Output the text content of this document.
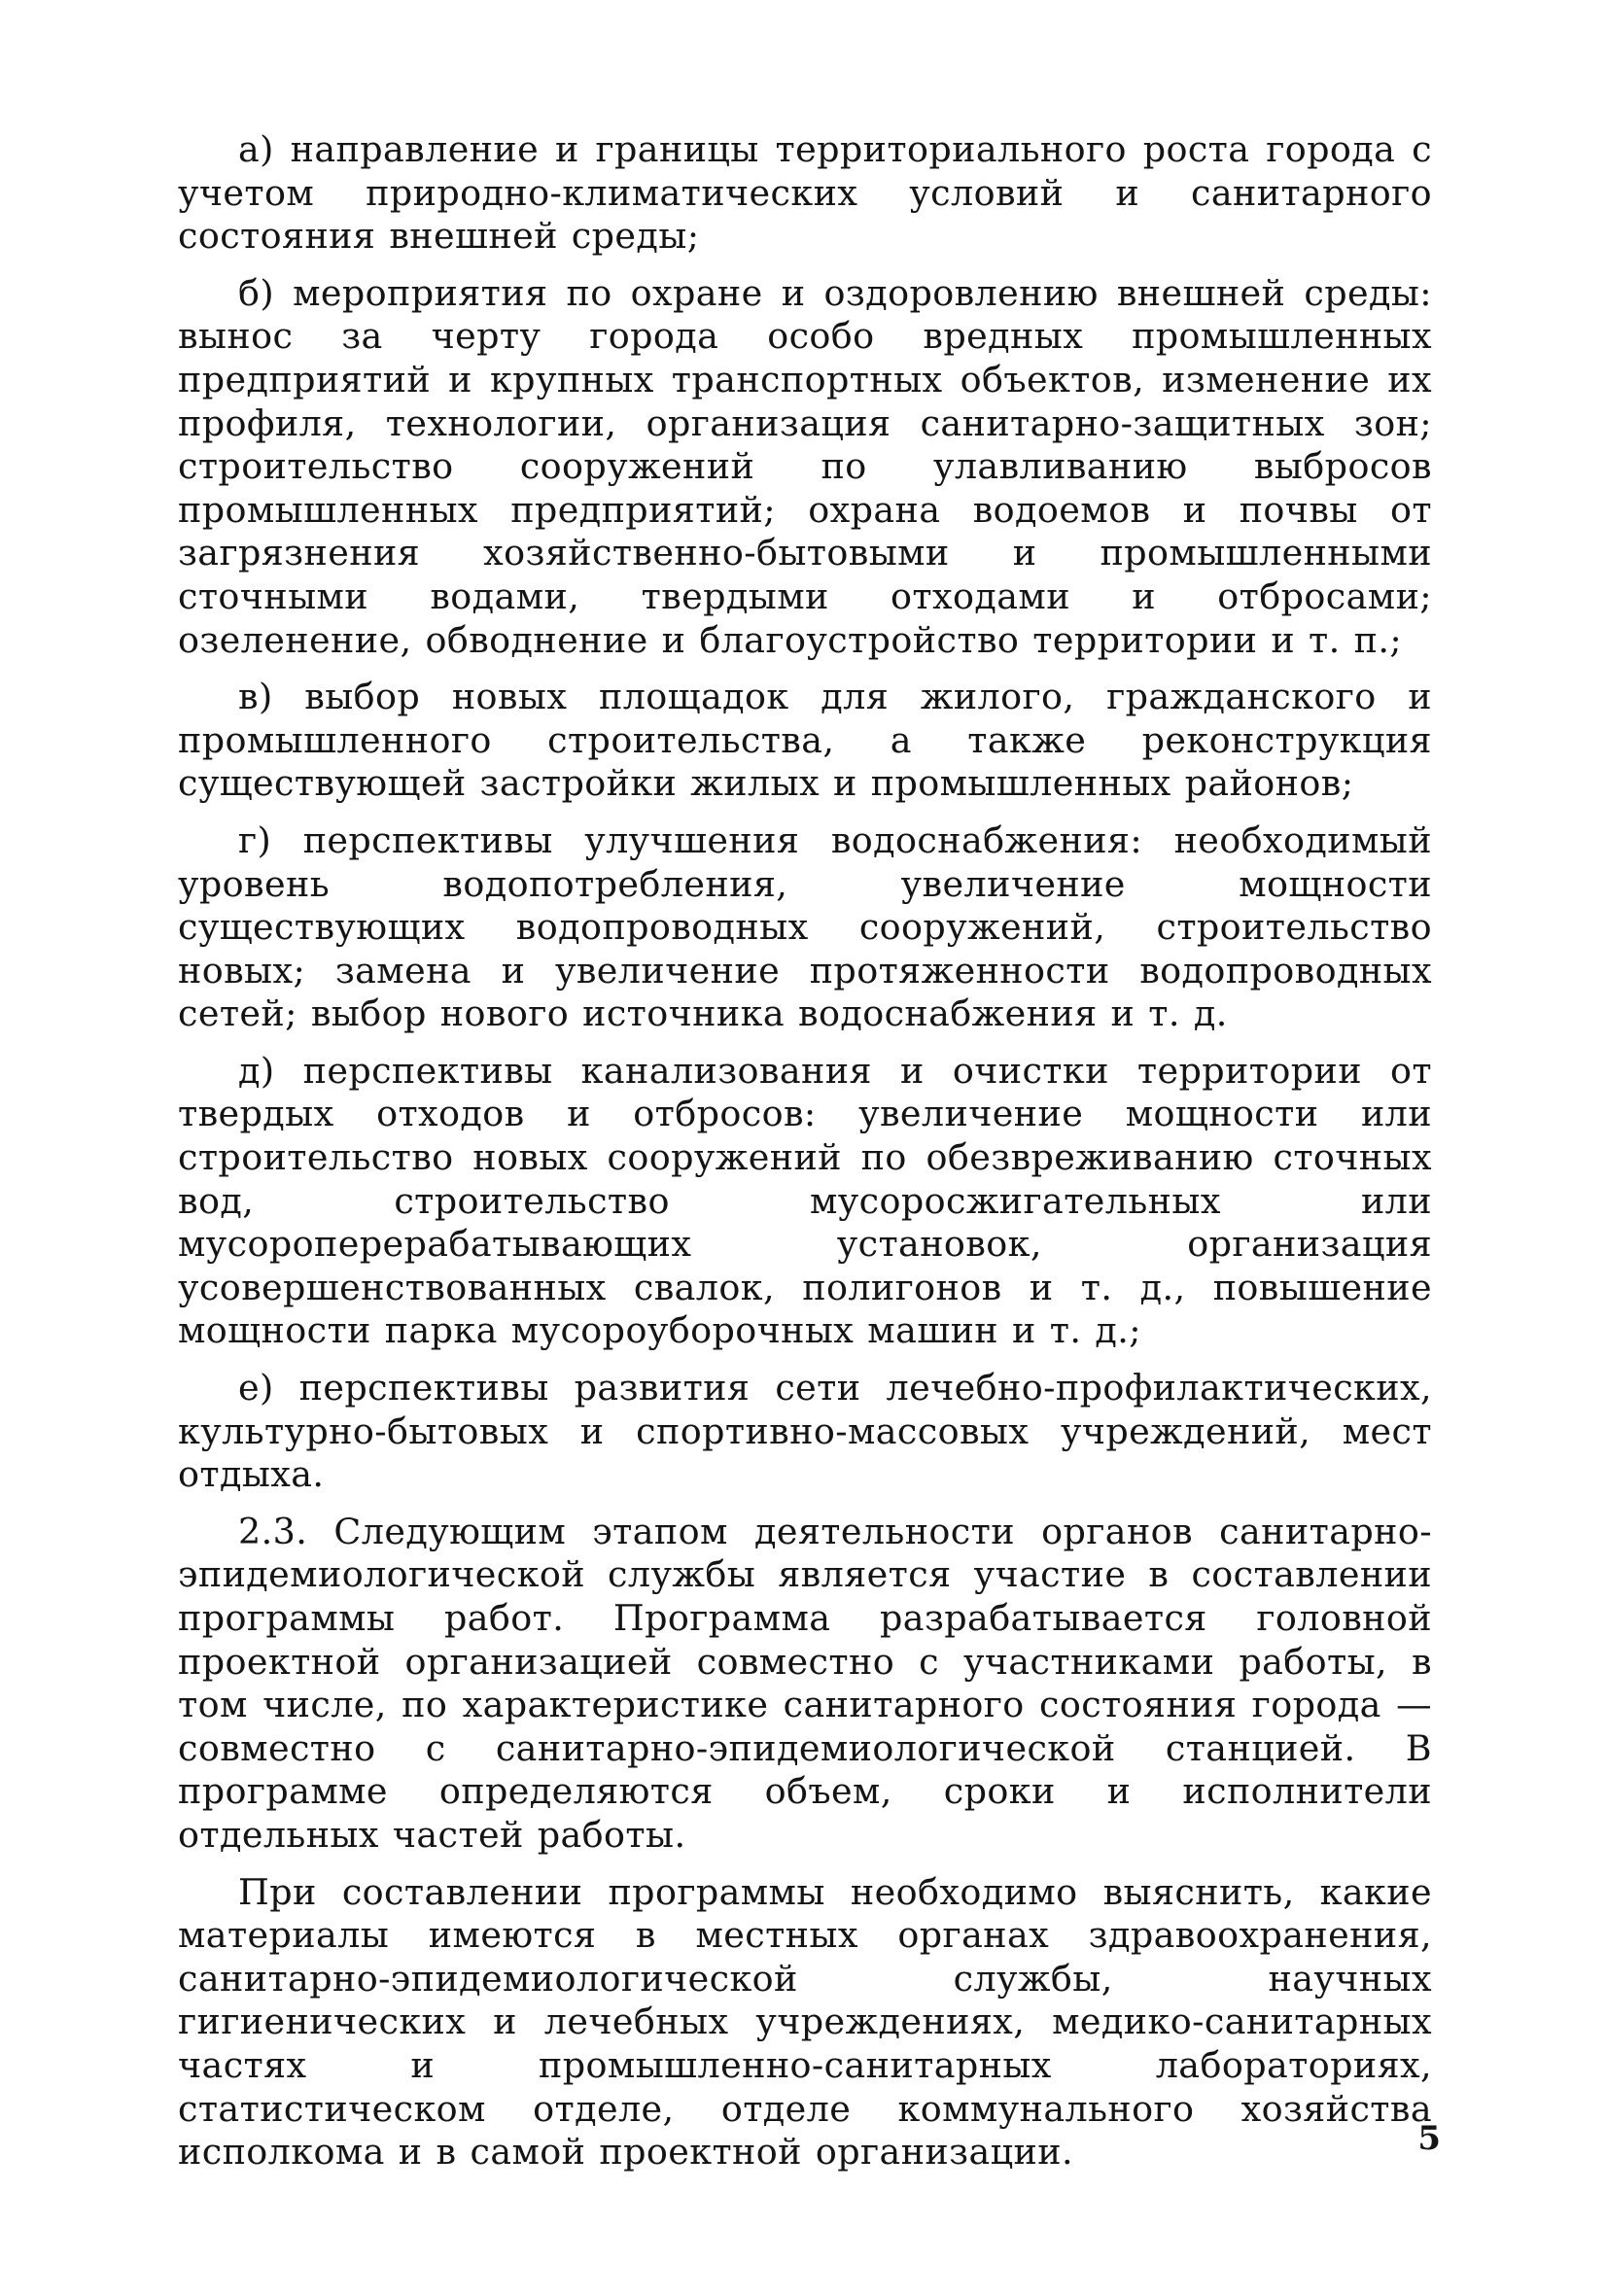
а) направление и границы территориального роста города с учетом природно-климатических условий и санитарного состояния внешней среды;

б) мероприятия по охране и оздоровлению внешней среды: вынос за черту города особо вредных промышленных предприятий и крупных транспортных объектов, изменение их профиля, технологии, организация санитарно-защитных зон; строительство сооружений по улавливанию выбросов промышленных предприятий; охрана водоемов и почвы от загрязнения хозяйственно-бытовыми и промышленными сточными водами, твердыми отходами и отбросами; озеленение, обводнение и благоустройство территории и т. п.;

в) выбор новых площадок для жилого, гражданского и промышленного строительства, а также реконструкция существующей застройки жилых и промышленных районов;

г) перспективы улучшения водоснабжения: необходимый уровень водопотребления, увеличение мощности существующих водопроводных сооружений, строительство новых; замена и увеличение протяженности водопроводных сетей; выбор нового источника водоснабжения и т. д.

д) перспективы канализования и очистки территории от твердых отходов и отбросов: увеличение мощности или строительство новых сооружений по обезвреживанию сточных вод, строительство мусоросжигательных или мусороперерабатывающих установок, организация усовершенствованных свалок, полигонов и т. д., повышение мощности парка мусороуборочных машин и т. д.;

е) перспективы развития сети лечебно-профилактических, культурно-бытовых и спортивно-массовых учреждений, мест отдыха.

2.3. Следующим этапом деятельности органов санитарно-эпидемиологической службы является участие в составлении программы работ. Программа разрабатывается головной проектной организацией совместно с участниками работы, в том числе, по характеристике санитарного состояния города — совместно с санитарно-эпидемиологической станцией. В программе определяются объем, сроки и исполнители отдельных частей работы.

При составлении программы необходимо выяснить, какие материалы имеются в местных органах здравоохранения, санитарно-эпидемиологической службы, научных гигиенических и лечебных учреждениях, медико-санитарных частях и промышленно-санитарных лабораториях, статистическом отделе, отделе коммунального хозяйства исполкома и в самой проектной организации.	5
